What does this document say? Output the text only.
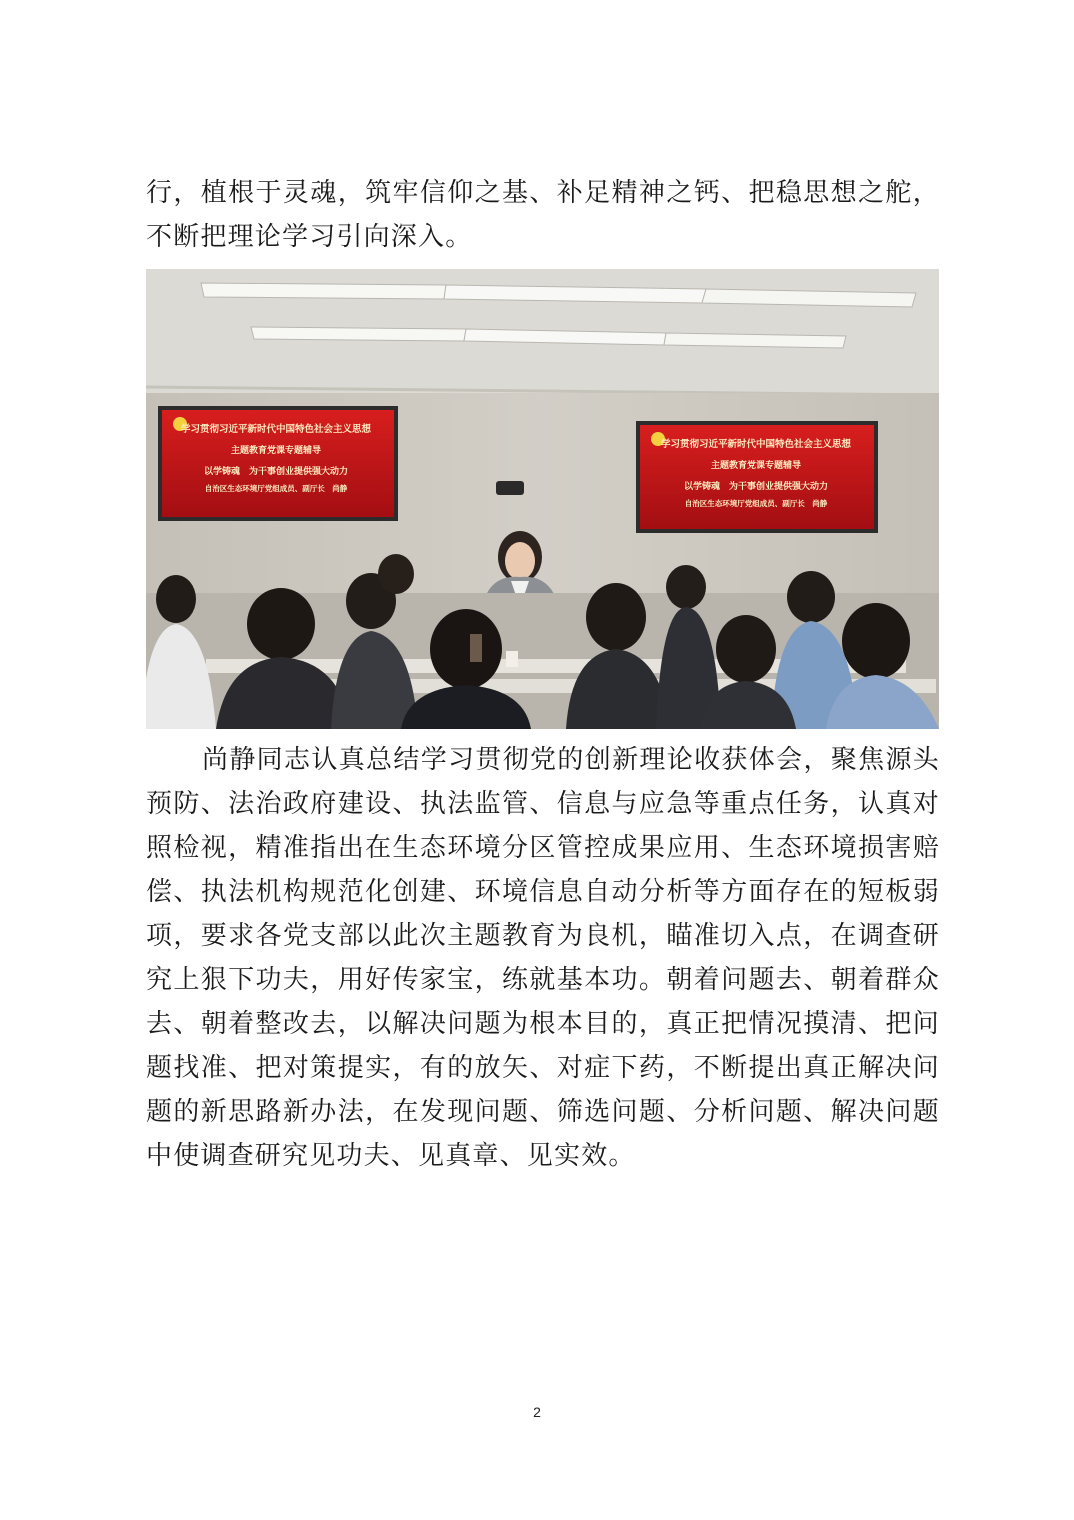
行，植根于灵魂，筑牢信仰之基、补足精神之钙、把稳思想之舵，不断把理论学习引向深入。

学习贯彻习近平新时代中国特色社会主义思想
主题教育党课专题辅导
以学铸魂　为干事创业提供强大动力
自治区生态环境厅党组成员、副厅长　尚静
学习贯彻习近平新时代中国特色社会主义思想
主题教育党课专题辅导
以学铸魂　为干事创业提供强大动力
自治区生态环境厅党组成员、副厅长　尚静

尚静同志认真总结学习贯彻党的创新理论收获体会，聚焦源头预防、法治政府建设、执法监管、信息与应急等重点任务，认真对照检视，精准指出在生态环境分区管控成果应用、生态环境损害赔偿、执法机构规范化创建、环境信息自动分析等方面存在的短板弱项，要求各党支部以此次主题教育为良机，瞄准切入点，在调查研究上狠下功夫，用好传家宝，练就基本功。朝着问题去、朝着群众去、朝着整改去，以解决问题为根本目的，真正把情况摸清、把问题找准、把对策提实，有的放矢、对症下药，不断提出真正解决问题的新思路新办法，在发现问题、筛选问题、分析问题、解决问题中使调查研究见功夫、见真章、见实效。

2
